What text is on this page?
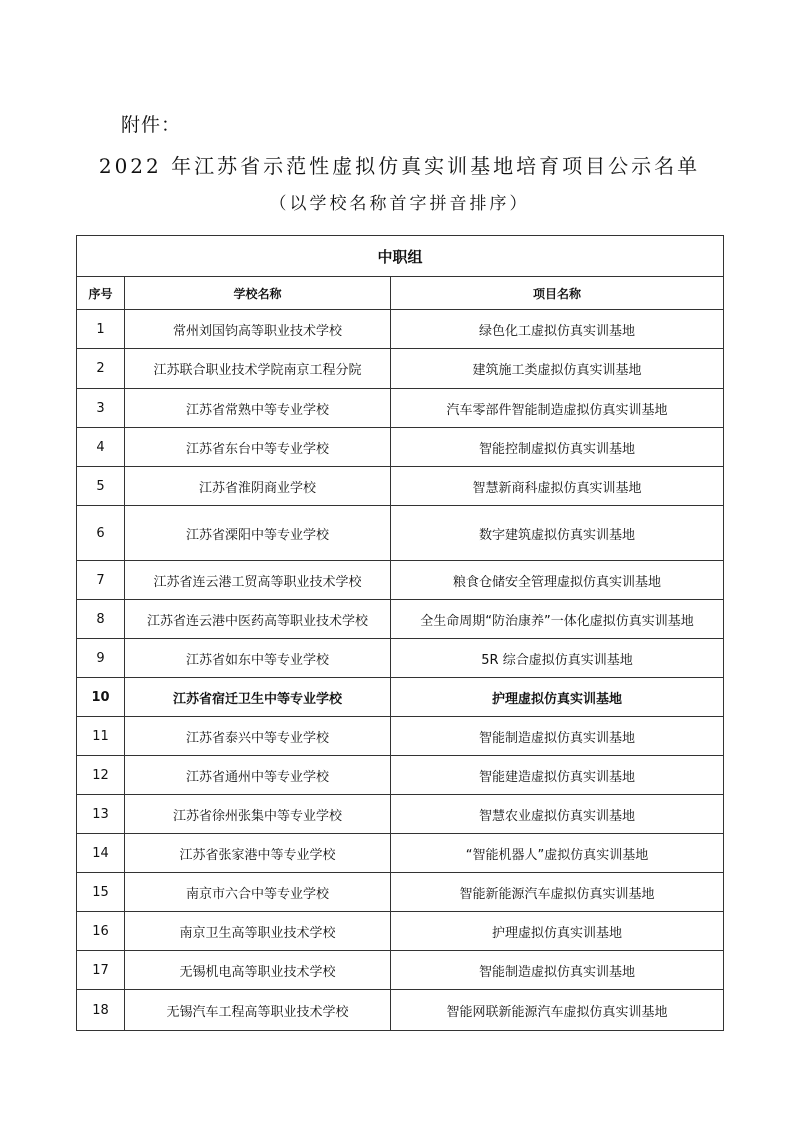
附件：
2022 年江苏省示范性虚拟仿真实训基地培育项目公示名单
（以学校名称首字拼音排序）
中职组		
序号	学校名称	项目名称
1	常州刘国钧高等职业技术学校	绿色化工虚拟仿真实训基地
2	江苏联合职业技术学院南京工程分院	建筑施工类虚拟仿真实训基地
3	江苏省常熟中等专业学校	汽车零部件智能制造虚拟仿真实训基地
4	江苏省东台中等专业学校	智能控制虚拟仿真实训基地
5	江苏省淮阴商业学校	智慧新商科虚拟仿真实训基地
6	江苏省溧阳中等专业学校	数字建筑虚拟仿真实训基地
7	江苏省连云港工贸高等职业技术学校	粮食仓储安全管理虚拟仿真实训基地
8	江苏省连云港中医药高等职业技术学校	全生命周期“防治康养”一体化虚拟仿真实训基地
9	江苏省如东中等专业学校	5R 综合虚拟仿真实训基地
10	江苏省宿迁卫生中等专业学校	护理虚拟仿真实训基地
11	江苏省泰兴中等专业学校	智能制造虚拟仿真实训基地
12	江苏省通州中等专业学校	智能建造虚拟仿真实训基地
13	江苏省徐州张集中等专业学校	智慧农业虚拟仿真实训基地
14	江苏省张家港中等专业学校	“智能机器人”虚拟仿真实训基地
15	南京市六合中等专业学校	智能新能源汽车虚拟仿真实训基地
16	南京卫生高等职业技术学校	护理虚拟仿真实训基地
17	无锡机电高等职业技术学校	智能制造虚拟仿真实训基地
18	无锡汽车工程高等职业技术学校	智能网联新能源汽车虚拟仿真实训基地
